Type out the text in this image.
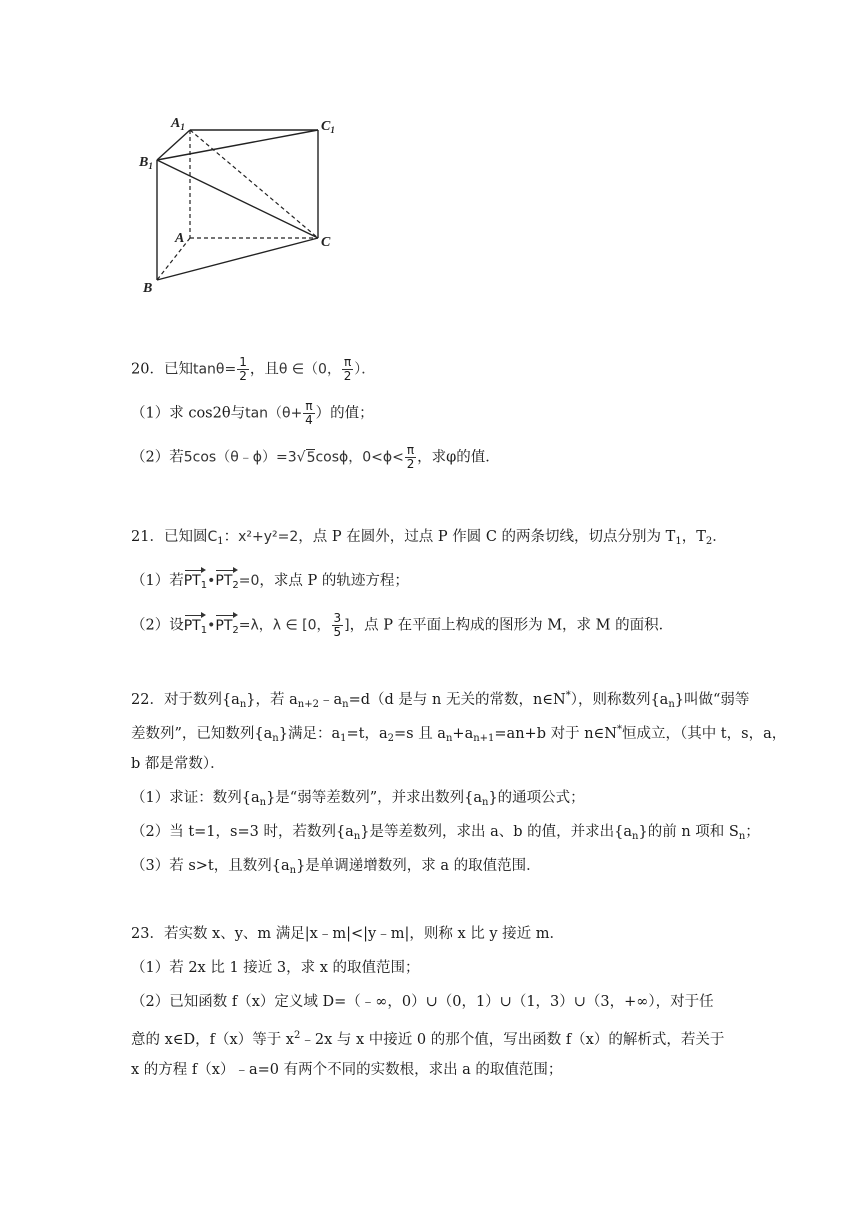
$A_1$	$C_1$
$B_1$
A	C
B
20．已知$\tan\theta= \frac{1}{2}$ ，且θ ∈（0， $\frac{\pi}{2}$ ）．
（1）求 cos2θ与$\tan(\theta+ \frac{\pi}{4}$ ）的值；
（2）若5cos（θ﹣ϕ）=3√5cosϕ，$0<\phi< \frac{\pi}{2}$ ，求φ的值．
21．已知圆$C_1$：x²+y²=2，点 P 在圆外，过点 P 作圆 C 的两条切线，切点分别为 $T_1$，$T_2$．
（1）若$PT_1•PT_2=0$，求点 P 的轨迹方程；
（2）设$PT_1•PT_2=\lambda$，λ ∈ [0， $\frac{3}{5}$ ]，点 P 在平面上构成的图形为 M，求 M 的面积．
22．对于数列$\{a_n\}$，若 $a_{n+2}﹣a_n=d(d$ 是与 n 无关的常数，n∈N*），则称数列$\{a_n\}$叫做“弱等
差数列”，已知数列$\{a_n\}$满足：$a_1=t$，$a_2=s$ 且 $a_n+a_{n+1}=an+b$ 对于 n∈N*恒成立，（其中 t，s，a，
b 都是常数）．
（1）求证：数列$\{a_n\}$是“弱等差数列”，并求出数列$\{a_n\}$的通项公式；
（2）当 t=1，s=3 时，若数列$\{a_n\}$是等差数列，求出 a、b 的值，并求出$\{a_n\}$的前 n 项和 $S_n$；
（3）若 s>t，且数列$\{a_n\}$是单调递增数列，求 a 的取值范围．
23．若实数 x、y、m 满足|x﹣m|<|y﹣m|，则称 x 比 y 接近 m．
（1）若 2x 比 1 接近 3，求 x 的取值范围；
（2）已知函数 f（x）定义域 D=（﹣∞，0）∪（0，1）∪（1，3）∪（3，+∞），对于任
意的 x∈D，f（x）等于 $x^2﹣2x$ 与 x 中接近 0 的那个值，写出函数 f（x）的解析式，若关于
x 的方程 f（x）﹣a=0 有两个不同的实数根，求出 a 的取值范围；
